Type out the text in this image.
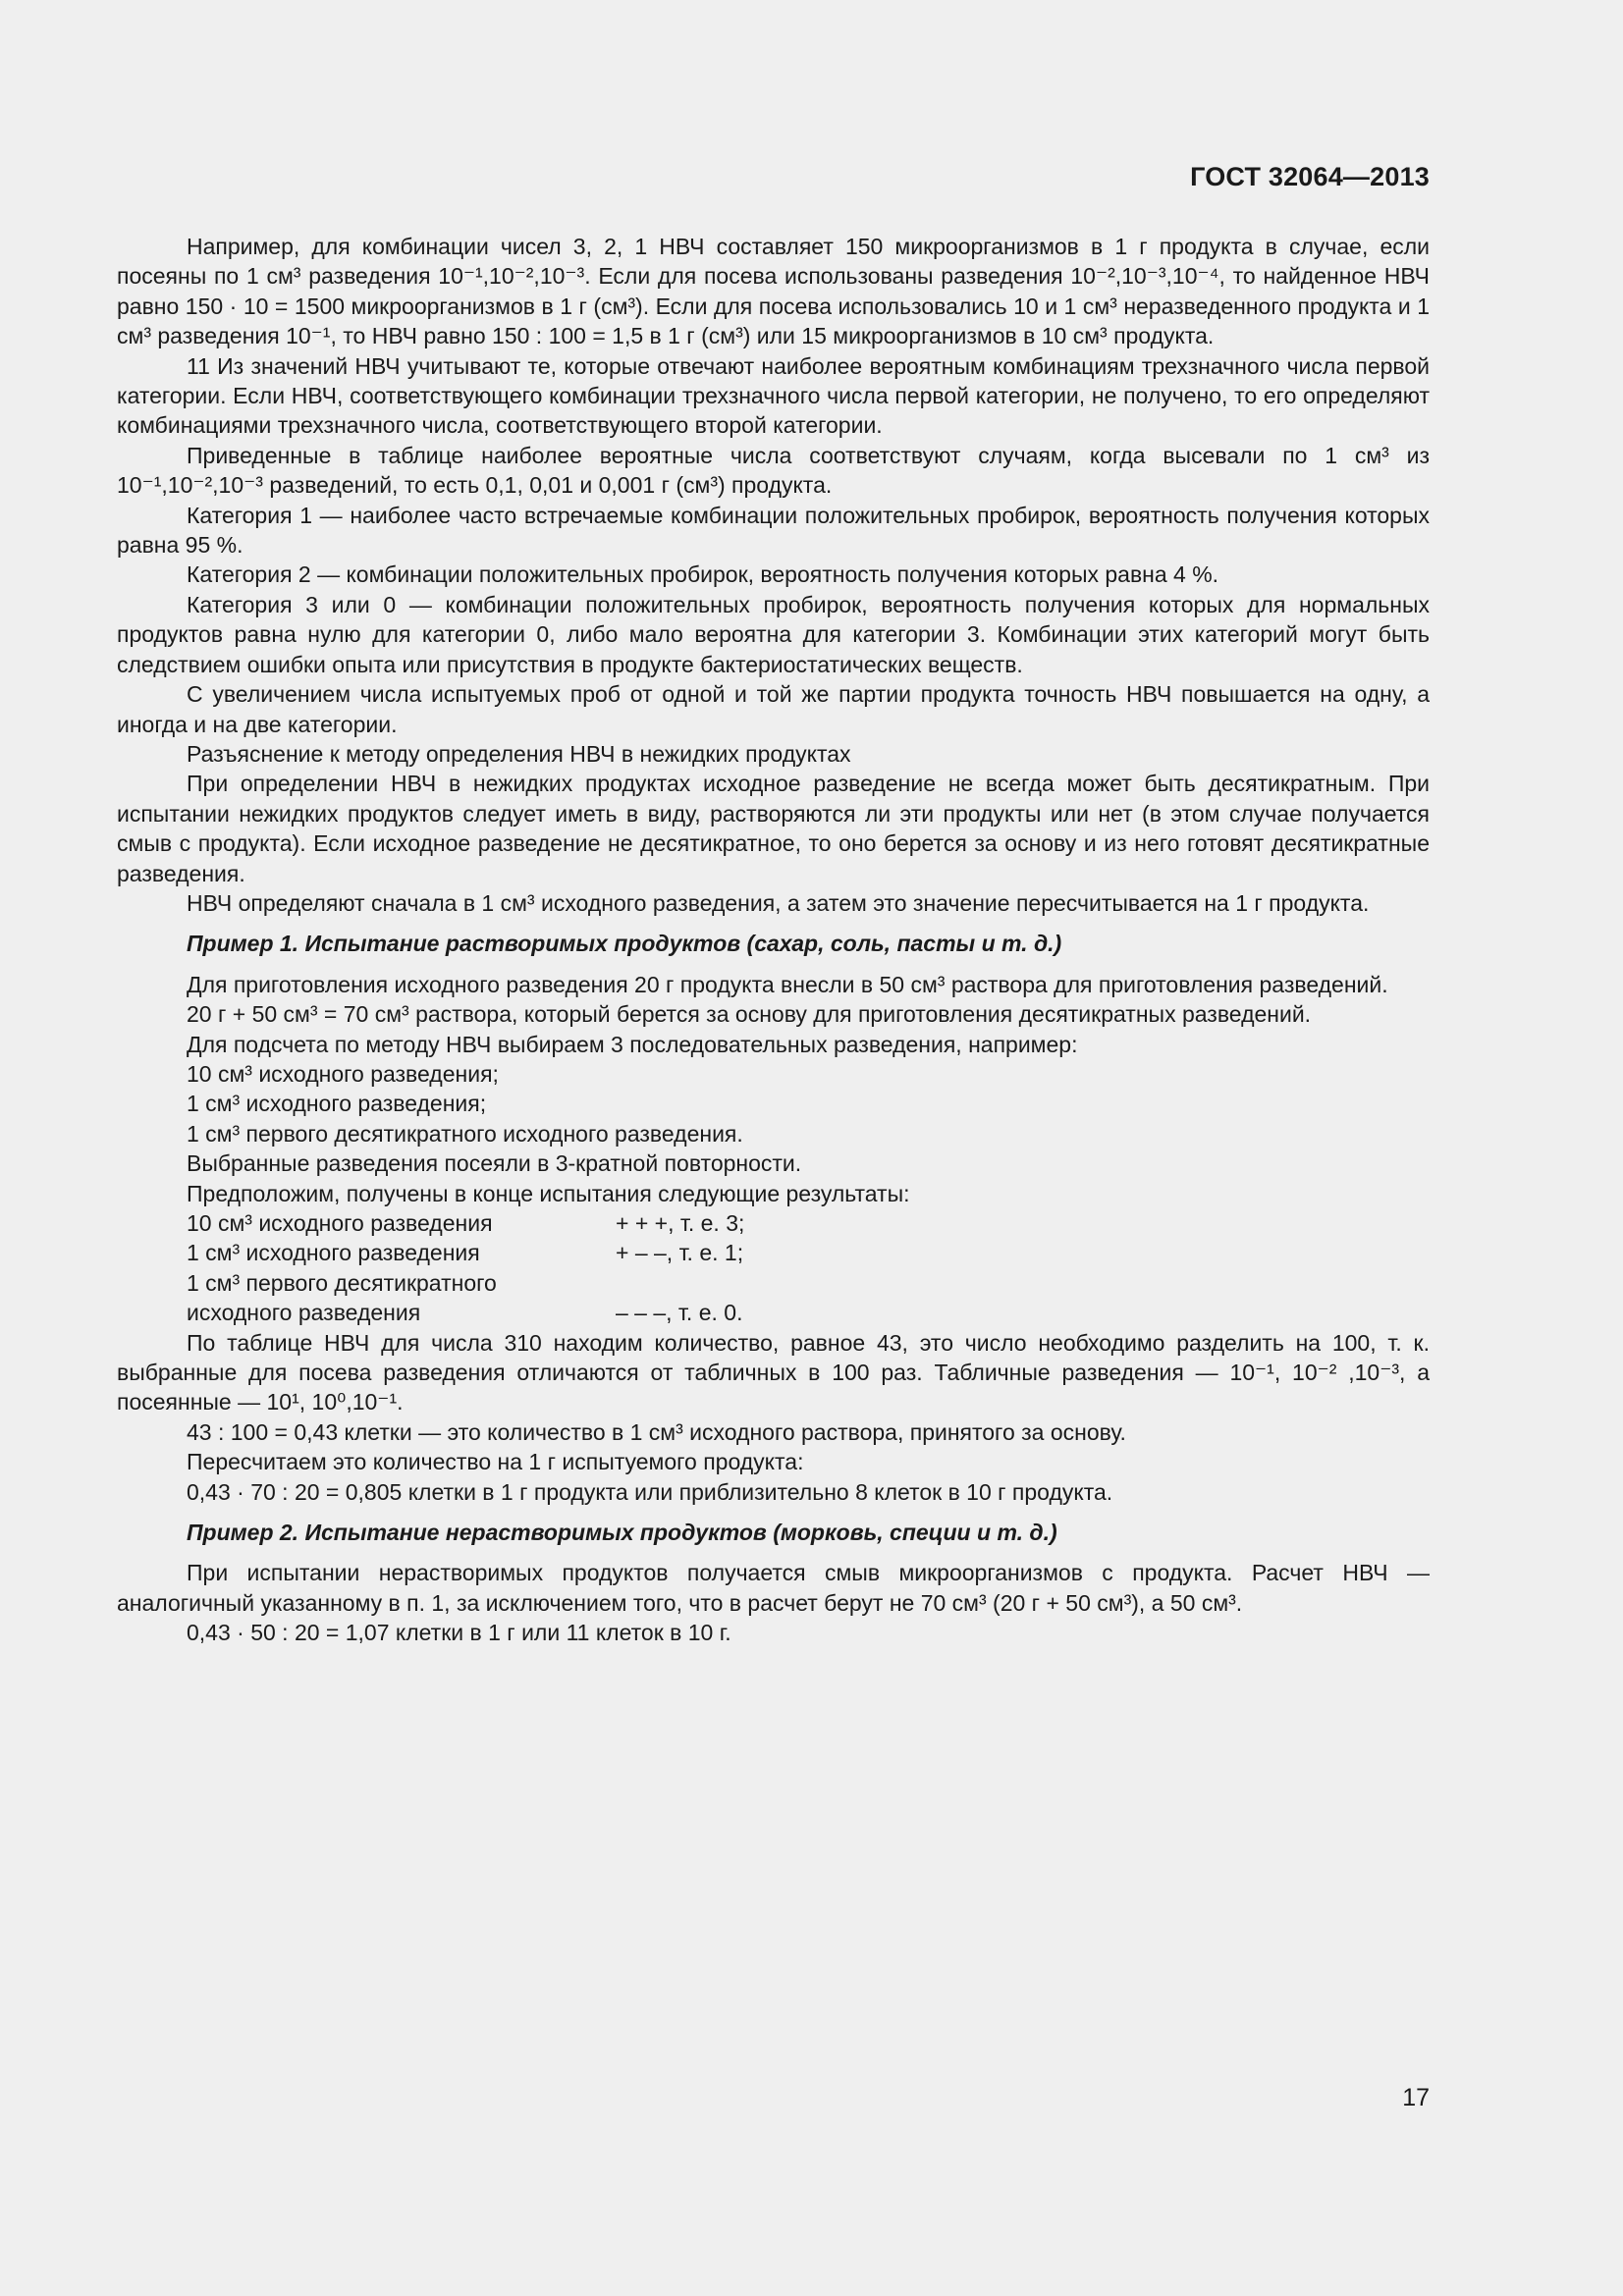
ГОСТ 32064—2013

Например, для комбинации чисел 3, 2, 1 НВЧ составляет 150 микроорганизмов в 1 г продукта в случае, если посеяны по 1 см³ разведения 10⁻¹,10⁻²,10⁻³. Если для посева использованы разведения 10⁻²,10⁻³,10⁻⁴, то найденное НВЧ равно 150 · 10 = 1500 микроорганизмов в 1 г (см³). Если для посева использовались 10 и 1 см³ неразведенного продукта и 1 см³ разведения 10⁻¹, то НВЧ равно 150 : 100 = 1,5 в 1 г (см³) или 15 микроорганизмов в 10 см³ продукта.

11 Из значений НВЧ учитывают те, которые отвечают наиболее вероятным комбинациям трехзначного числа первой категории. Если НВЧ, соответствующего комбинации трехзначного числа первой категории, не получено, то его определяют комбинациями трехзначного числа, соответствующего второй категории.

Приведенные в таблице наиболее вероятные числа соответствуют случаям, когда высевали по 1 см³ из 10⁻¹,10⁻²,10⁻³ разведений, то есть 0,1, 0,01 и 0,001 г (см³) продукта.

Категория 1 — наиболее часто встречаемые комбинации положительных пробирок, вероятность получения которых равна 95 %.

Категория 2 — комбинации положительных пробирок, вероятность получения которых равна 4 %.

Категория 3 или 0 — комбинации положительных пробирок, вероятность получения которых для нормальных продуктов равна нулю для категории 0, либо мало вероятна для категории 3. Комбинации этих категорий могут быть следствием ошибки опыта или присутствия в продукте бактериостатических веществ.

С увеличением числа испытуемых проб от одной и той же партии продукта точность НВЧ повышается на одну, а иногда и на две категории.

Разъяснение к методу определения НВЧ в нежидких продуктах

При определении НВЧ в нежидких продуктах исходное разведение не всегда может быть десятикратным. При испытании нежидких продуктов следует иметь в виду, растворяются ли эти продукты или нет (в этом случае получается смыв с продукта). Если исходное разведение не десятикратное, то оно берется за основу и из него готовят десятикратные разведения.

НВЧ определяют сначала в 1 см³ исходного разведения, а затем это значение пересчитывается на 1 г продукта.

Пример 1. Испытание растворимых продуктов (сахар, соль, пасты и т. д.)

Для приготовления исходного разведения 20 г продукта внесли в 50 см³ раствора для приготовления разведений.

20 г + 50 см³ = 70 см³ раствора, который берется за основу для приготовления десятикратных разведений.

Для подсчета по методу НВЧ выбираем 3 последовательных разведения, например:

10 см³ исходного разведения;

1 см³ исходного разведения;

1 см³ первого десятикратного исходного разведения.

Выбранные разведения посеяли в 3-кратной повторности.

Предположим, получены в конце испытания следующие результаты:

10 см³ исходного разведения	+ + +, т. е. 3;
1 см³ исходного разведения	+ – –, т. е. 1;
1 см³ первого десятикратного
исходного разведения	– – –, т. е. 0.

По таблице НВЧ для числа 310 находим количество, равное 43, это число необходимо разделить на 100, т. к. выбранные для посева разведения отличаются от табличных в 100 раз. Табличные разведения — 10⁻¹, 10⁻² ,10⁻³, а посеянные — 10¹, 10⁰,10⁻¹.

43 : 100 = 0,43 клетки — это количество в 1 см³ исходного раствора, принятого за основу.

Пересчитаем это количество на 1 г испытуемого продукта:

0,43 · 70 : 20 = 0,805 клетки в 1 г продукта или приблизительно 8 клеток в 10 г продукта.

Пример 2. Испытание нерастворимых продуктов (морковь, специи и т. д.)

При испытании нерастворимых продуктов получается смыв микроорганизмов с продукта. Расчет НВЧ — аналогичный указанному в п. 1, за исключением того, что в расчет берут не 70 см³ (20 г + 50 см³), а 50 см³.

0,43 · 50 : 20 = 1,07 клетки в 1 г или 11 клеток в 10 г.

17
